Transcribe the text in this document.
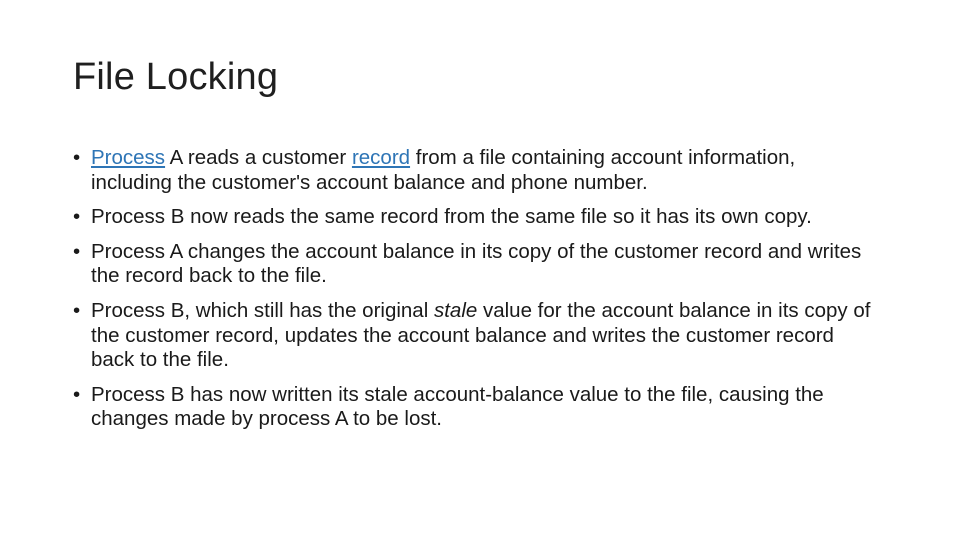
File Locking
• Process A reads a customer record from a file containing account information, including the customer's account balance and phone number.
• Process B now reads the same record from the same file so it has its own copy.
• Process A changes the account balance in its copy of the customer record and writes the record back to the file.
• Process B, which still has the original stale value for the account balance in its copy of the customer record, updates the account balance and writes the customer record back to the file.
• Process B has now written its stale account-balance value to the file, causing the changes made by process A to be lost.
